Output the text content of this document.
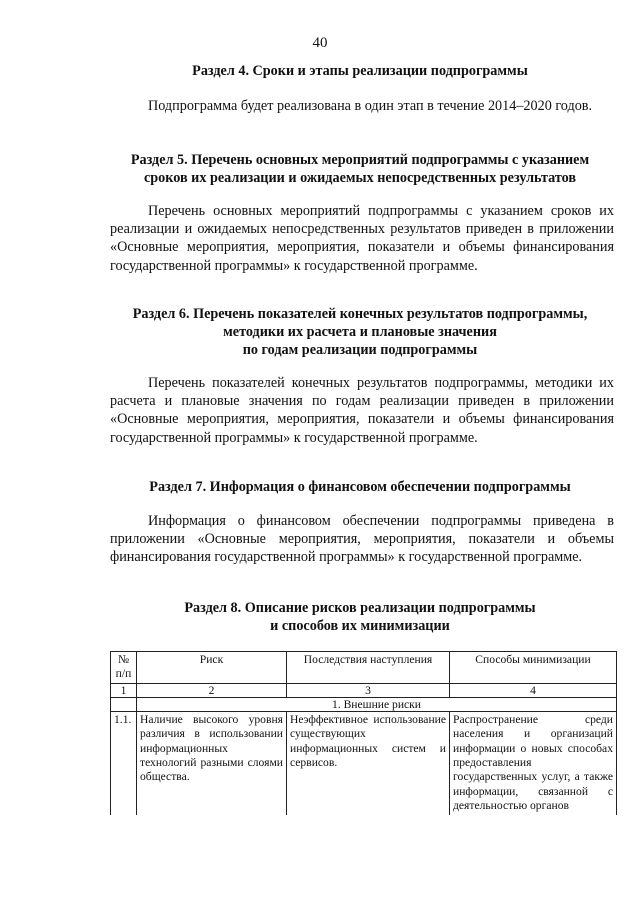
40
Раздел 4. Сроки и этапы реализации подпрограммы
Подпрограмма будет реализована в один этап в течение 2014–2020 годов.
Раздел 5. Перечень основных мероприятий подпрограммы с указанием
сроков их реализации и ожидаемых непосредственных результатов
Перечень основных мероприятий подпрограммы с указанием сроков их реализации и ожидаемых непосредственных результатов приведен в приложении «Основные мероприятия, мероприятия, показатели и объемы финансирования государственной программы» к государственной программе.
Раздел 6. Перечень показателей конечных результатов подпрограммы,
методики их расчета и плановые значения
по годам реализации подпрограммы
Перечень показателей конечных результатов подпрограммы, методики их расчета и плановые значения по годам реализации приведен в приложении «Основные мероприятия, мероприятия, показатели и объемы финансирования государственной программы» к государственной программе.
Раздел 7. Информация о финансовом обеспечении подпрограммы
Информация о финансовом обеспечении подпрограммы приведена в приложении «Основные мероприятия, мероприятия, показатели и объемы финансирования государственной программы» к государственной программе.
Раздел 8. Описание рисков реализации подпрограммы
и способов их минимизации
№ п/п	Риск	Последствия наступления	Способы минимизации
1	2	3	4
	1. Внешние риски		
1.1.	Наличие высокого уровня различия в использовании информационных технологий разными слоями общества.	Неэффективное использование существующих информационных систем и сервисов.	Распространение среди населения и организаций информации о новых способах предоставления государственных услуг, а также информации, связанной с деятельностью органов
